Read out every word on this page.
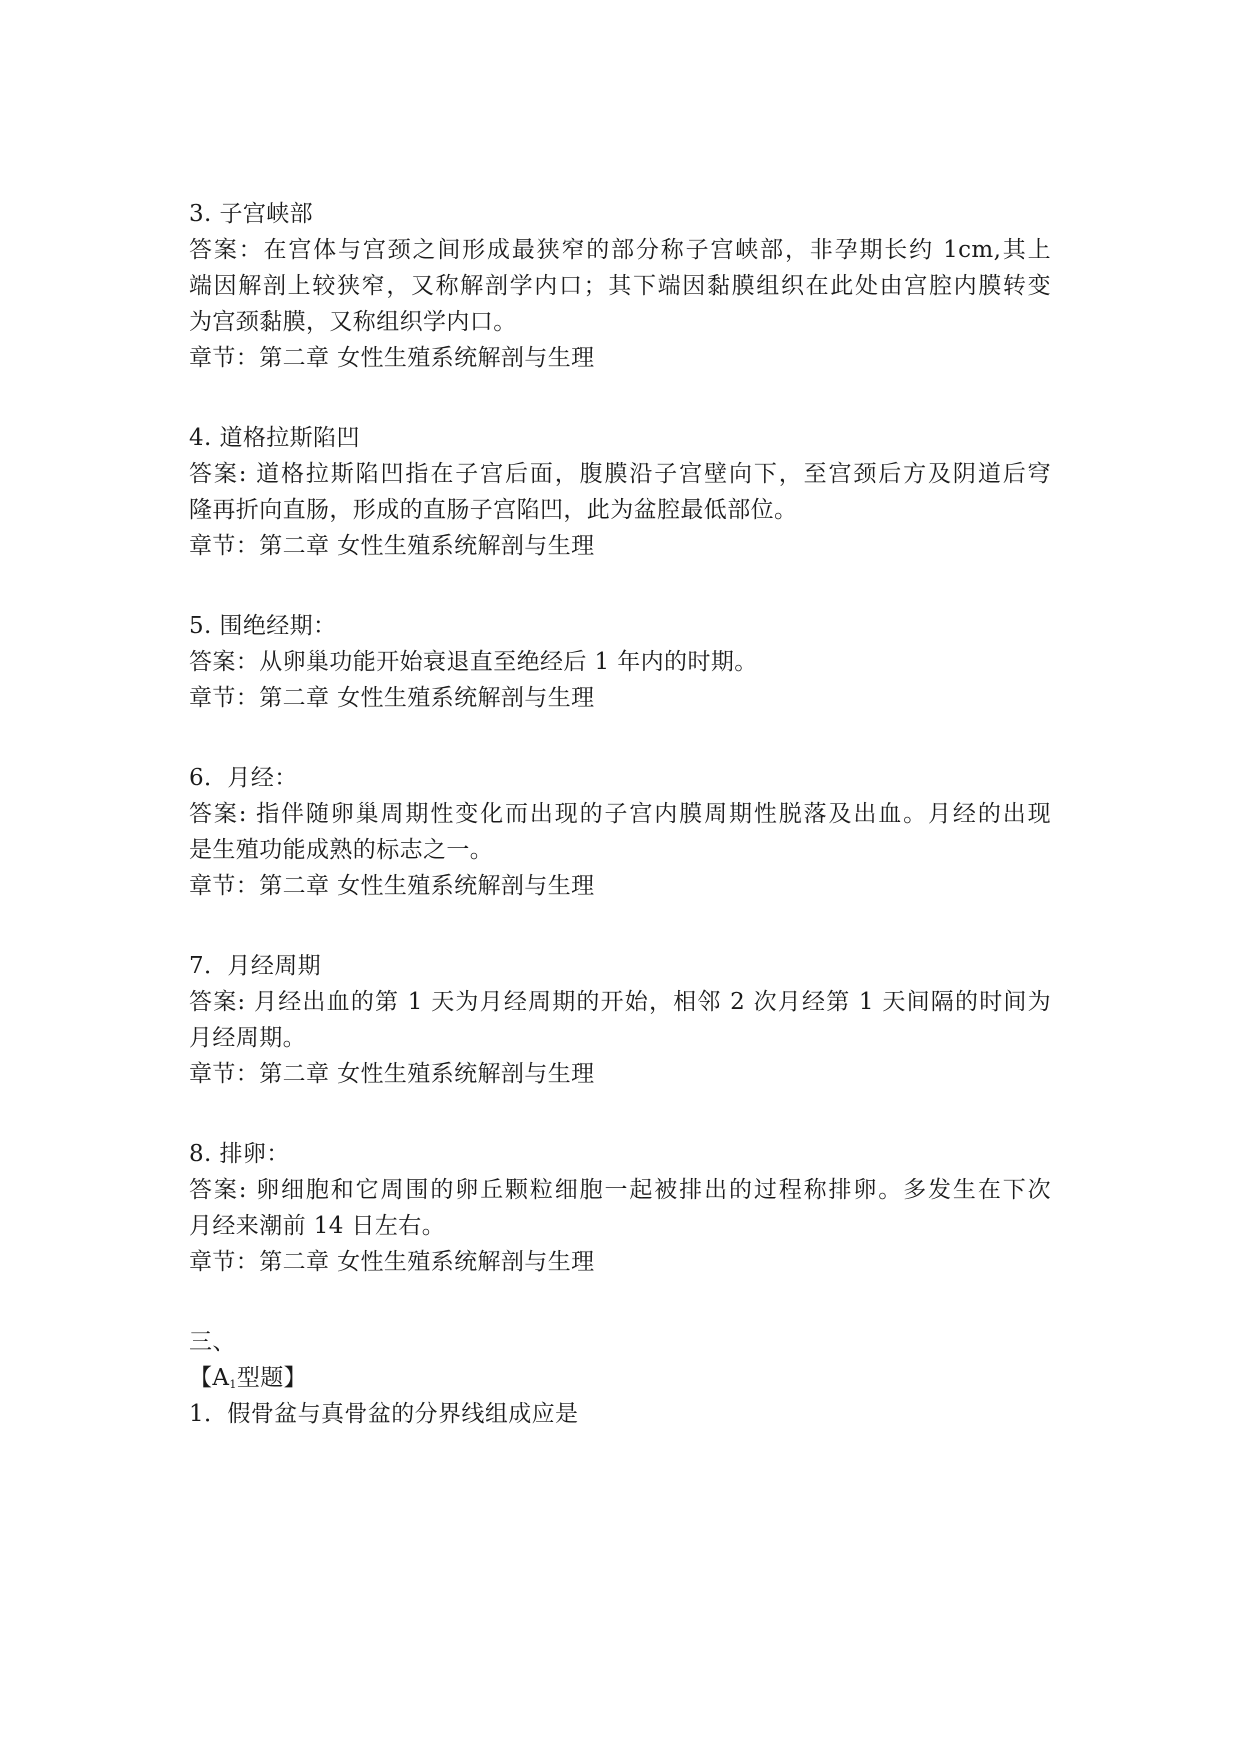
3. 子宫峡部

答案：在宫体与宫颈之间形成最狭窄的部分称子宫峡部，非孕期长约 1cm,其上

端因解剖上较狭窄，又称解剖学内口；其下端因黏膜组织在此处由宫腔内膜转变

为宫颈黏膜，又称组织学内口。

章节：第二章 女性生殖系统解剖与生理

4. 道格拉斯陷凹

答案: 道格拉斯陷凹指在子宫后面，腹膜沿子宫壁向下，至宫颈后方及阴道后穹

隆再折向直肠，形成的直肠子宫陷凹，此为盆腔最低部位。

章节：第二章 女性生殖系统解剖与生理

5. 围绝经期：

答案：从卵巢功能开始衰退直至绝经后 1 年内的时期。

章节：第二章 女性生殖系统解剖与生理

6．月经：

答案: 指伴随卵巢周期性变化而出现的子宫内膜周期性脱落及出血。月经的出现

是生殖功能成熟的标志之一。

章节：第二章 女性生殖系统解剖与生理

7．月经周期

答案: 月经出血的第 1 天为月经周期的开始，相邻 2 次月经第 1 天间隔的时间为

月经周期。

章节：第二章 女性生殖系统解剖与生理

8. 排卵：

答案: 卵细胞和它周围的卵丘颗粒细胞一起被排出的过程称排卵。多发生在下次

月经来潮前 14 日左右。

章节：第二章 女性生殖系统解剖与生理

三、

【$A_1$型题】

1．假骨盆与真骨盆的分界线组成应是
